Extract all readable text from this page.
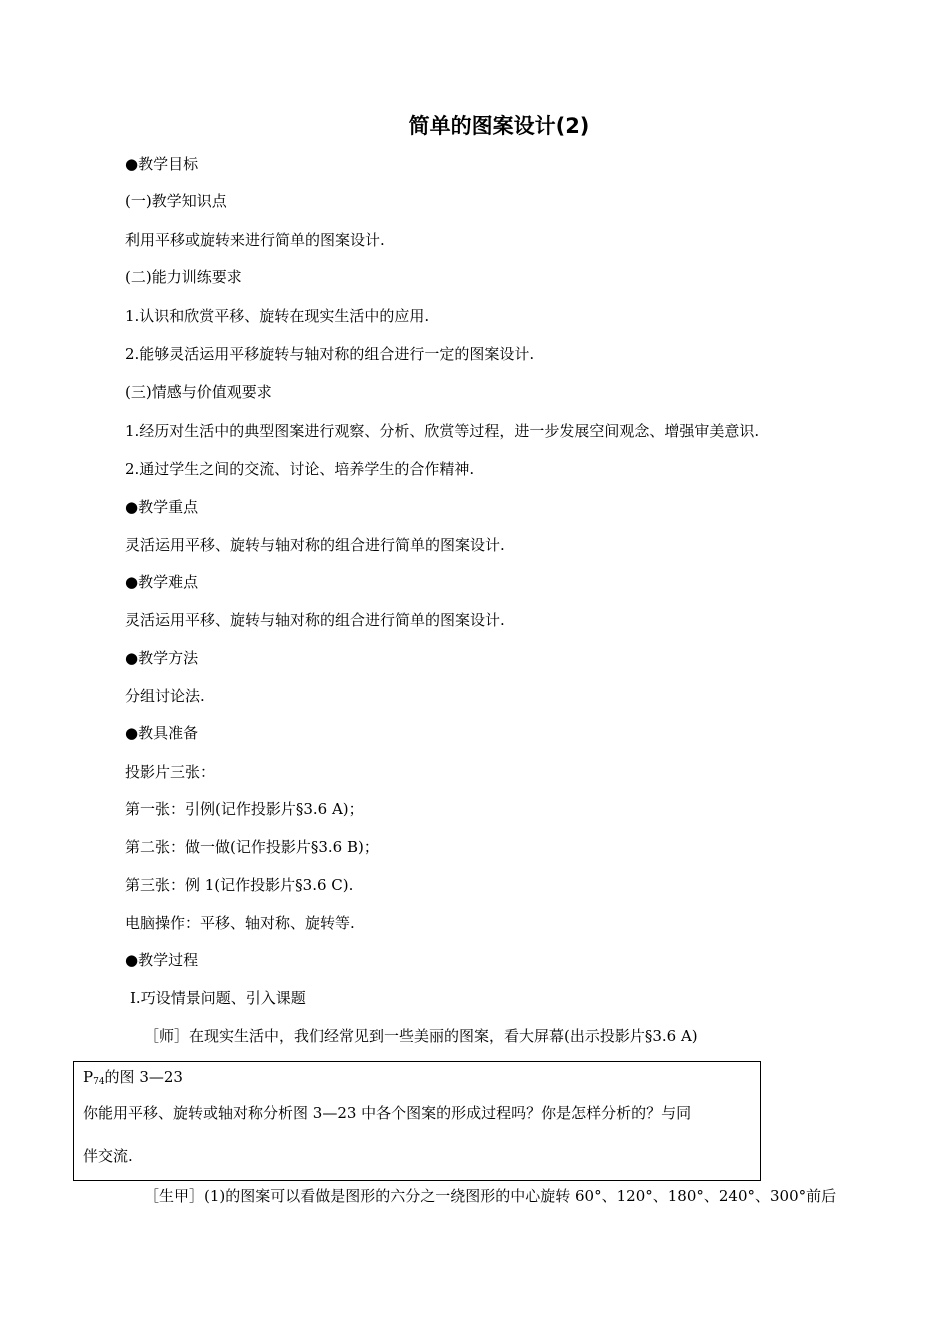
简单的图案设计(2)
●教学目标
(一)教学知识点
利用平移或旋转来进行简单的图案设计.
(二)能力训练要求
1.认识和欣赏平移、旋转在现实生活中的应用.
2.能够灵活运用平移旋转与轴对称的组合进行一定的图案设计.
(三)情感与价值观要求
1.经历对生活中的典型图案进行观察、分析、欣赏等过程，进一步发展空间观念、增强审美意识.
2.通过学生之间的交流、讨论、培养学生的合作精神.
●教学重点
灵活运用平移、旋转与轴对称的组合进行简单的图案设计.
●教学难点
灵活运用平移、旋转与轴对称的组合进行简单的图案设计.
●教学方法
分组讨论法.
●教具准备
投影片三张：
第一张：引例(记作投影片§3.6 A)；
第二张：做一做(记作投影片§3.6 B)；
第三张：例 1(记作投影片§3.6 C).
电脑操作：平移、轴对称、旋转等.
●教学过程
Ⅰ.巧设情景问题、引入课题
［师］在现实生活中，我们经常见到一些美丽的图案，看大屏幕(出示投影片§3.6 A)
$P_{74}$的图 3—23
你能用平移、旋转或轴对称分析图 3—23 中各个图案的形成过程吗？你是怎样分析的？与同
伴交流.
［生甲］(1)的图案可以看做是图形的六分之一绕图形的中心旋转 60°、120°、180°、240°、300°前后
